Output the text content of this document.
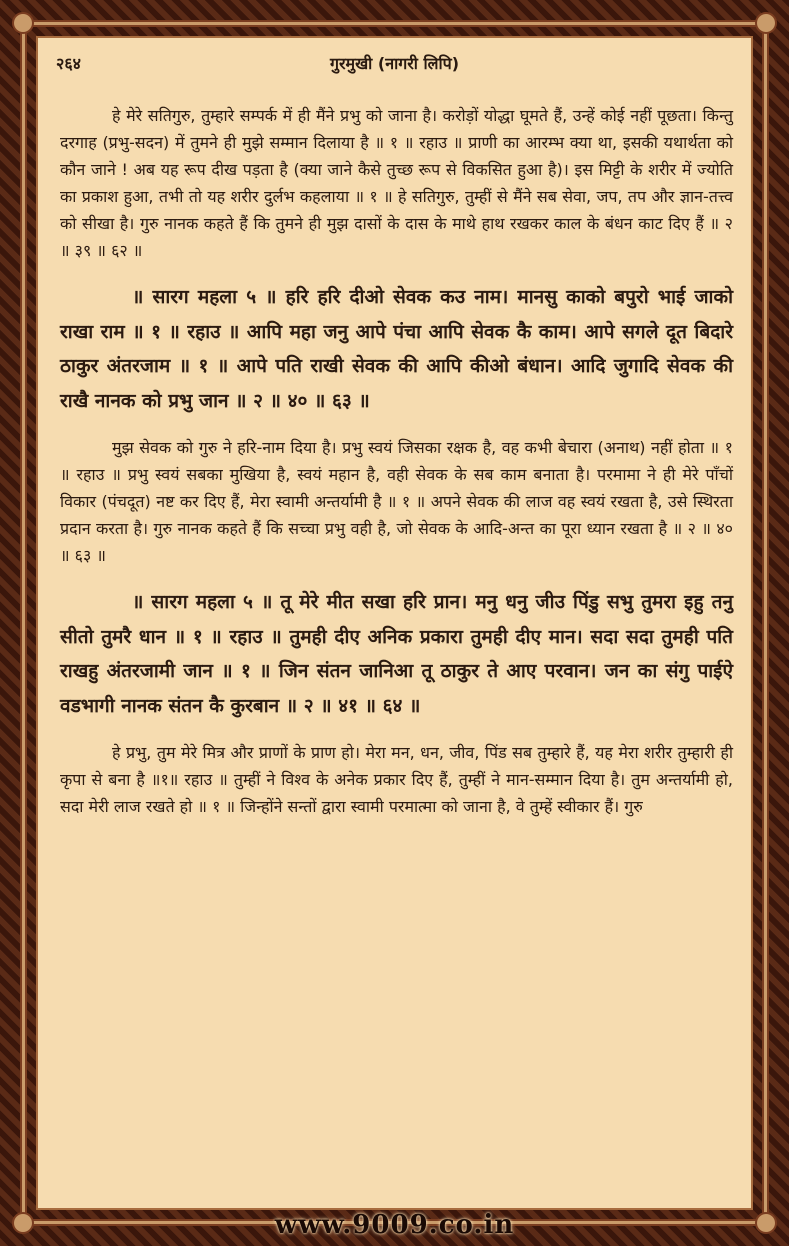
२६४	गुरमुखी (नागरी लिपि)

हे मेरे सतिगुरु, तुम्हारे सम्पर्क में ही मैंने प्रभु को जाना है। करोड़ों योद्धा घूमते हैं, उन्हें कोई नहीं पूछता। किन्तु दरगाह (प्रभु-सदन) में तुमने ही मुझे सम्मान दिलाया है ॥ १ ॥ रहाउ ॥ प्राणी का आरम्भ क्या था, इसकी यथार्थता को कौन जाने ! अब यह रूप दीख पड़ता है (क्या जाने कैसे तुच्छ रूप से विकसित हुआ है)। इस मिट्टी के शरीर में ज्योति का प्रकाश हुआ, तभी तो यह शरीर दुर्लभ कहलाया ॥ १ ॥ हे सतिगुरु, तुम्हीं से मैंने सब सेवा, जप, तप और ज्ञान-तत्त्व को सीखा है। गुरु नानक कहते हैं कि तुमने ही मुझ दासों के दास के माथे हाथ रखकर काल के बंधन काट दिए हैं ॥ २ ॥ ३९ ॥ ६२ ॥

॥ सारग महला ५ ॥ हरि हरि दीओ सेवक कउ नाम। मानसु काको बपुरो भाई जाको राखा राम ॥ १ ॥ रहाउ ॥ आपि महा जनु आपे पंचा आपि सेवक कै काम। आपे सगले दूत बिदारे ठाकुर अंतरजाम ॥ १ ॥ आपे पति राखी सेवक की आपि कीओ बंधान। आदि जुगादि सेवक की राखै नानक को प्रभु जान ॥ २ ॥ ४० ॥ ६३ ॥

मुझ सेवक को गुरु ने हरि-नाम दिया है। प्रभु स्वयं जिसका रक्षक है, वह कभी बेचारा (अनाथ) नहीं होता ॥ १ ॥ रहाउ ॥ प्रभु स्वयं सबका मुखिया है, स्वयं महान है, वही सेवक के सब काम बनाता है। परमामा ने ही मेरे पाँचों विकार (पंचदूत) नष्ट कर दिए हैं, मेरा स्वामी अन्तर्यामी है ॥ १ ॥ अपने सेवक की लाज वह स्वयं रखता है, उसे स्थिरता प्रदान करता है। गुरु नानक कहते हैं कि सच्चा प्रभु वही है, जो सेवक के आदि-अन्त का पूरा ध्यान रखता है ॥ २ ॥ ४० ॥ ६३ ॥

॥ सारग महला ५ ॥ तू मेरे मीत सखा हरि प्रान। मनु धनु जीउ पिंडु सभु तुमरा इहु तनु सीतो तुमरै धान ॥ १ ॥ रहाउ ॥ तुमही दीए अनिक प्रकारा तुमही दीए मान। सदा सदा तुमही पति राखहु अंतरजामी जान ॥ १ ॥ जिन संतन जानिआ तू ठाकुर ते आए परवान। जन का संगु पाईऐ वडभागी नानक संतन कै कुरबान ॥ २ ॥ ४१ ॥ ६४ ॥

हे प्रभु, तुम मेरे मित्र और प्राणों के प्राण हो। मेरा मन, धन, जीव, पिंड सब तुम्हारे हैं, यह मेरा शरीर तुम्हारी ही कृपा से बना है ॥१॥ रहाउ ॥ तुम्हीं ने विश्व के अनेक प्रकार दिए हैं, तुम्हीं ने मान-सम्मान दिया है। तुम अन्तर्यामी हो, सदा मेरी लाज रखते हो ॥ १ ॥ जिन्होंने सन्तों द्वारा स्वामी परमात्मा को जाना है, वे तुम्हें स्वीकार हैं। गुरु

www.9009.co.in
